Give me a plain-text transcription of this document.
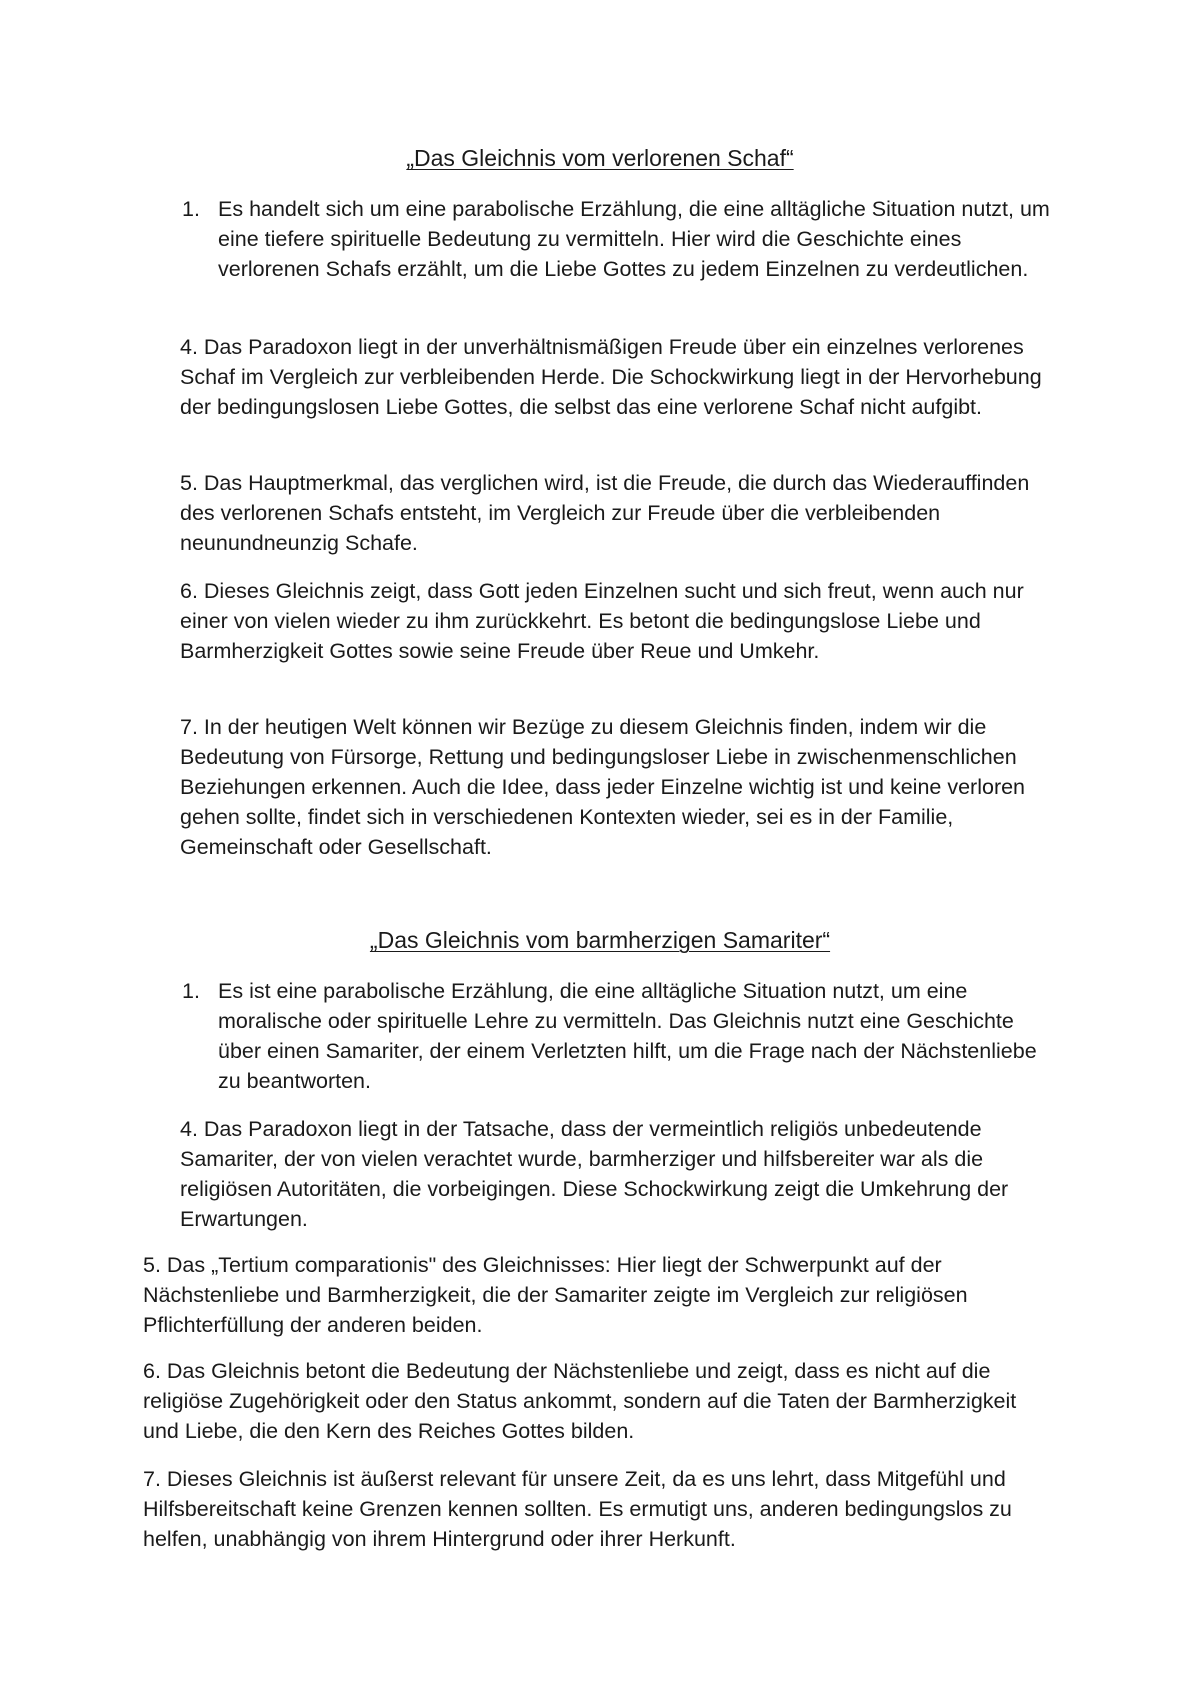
„Das Gleichnis vom verlorenen Schaf“
1. Es handelt sich um eine parabolische Erzählung, die eine alltägliche Situation nutzt, um eine tiefere spirituelle Bedeutung zu vermitteln. Hier wird die Geschichte eines verlorenen Schafs erzählt, um die Liebe Gottes zu jedem Einzelnen zu verdeutlichen.

4. Das Paradoxon liegt in der unverhältnismäßigen Freude über ein einzelnes verlorenes Schaf im Vergleich zur verbleibenden Herde. Die Schockwirkung liegt in der Hervorhebung der bedingungslosen Liebe Gottes, die selbst das eine verlorene Schaf nicht aufgibt.

5. Das Hauptmerkmal, das verglichen wird, ist die Freude, die durch das Wiederauffinden des verlorenen Schafs entsteht, im Vergleich zur Freude über die verbleibenden neunundneunzig Schafe.

6. Dieses Gleichnis zeigt, dass Gott jeden Einzelnen sucht und sich freut, wenn auch nur einer von vielen wieder zu ihm zurückkehrt. Es betont die bedingungslose Liebe und Barmherzigkeit Gottes sowie seine Freude über Reue und Umkehr.

7. In der heutigen Welt können wir Bezüge zu diesem Gleichnis finden, indem wir die Bedeutung von Fürsorge, Rettung und bedingungsloser Liebe in zwischenmenschlichen Beziehungen erkennen. Auch die Idee, dass jeder Einzelne wichtig ist und keine verloren gehen sollte, findet sich in verschiedenen Kontexten wieder, sei es in der Familie, Gemeinschaft oder Gesellschaft.

„Das Gleichnis vom barmherzigen Samariter“
1. Es ist eine parabolische Erzählung, die eine alltägliche Situation nutzt, um eine moralische oder spirituelle Lehre zu vermitteln. Das Gleichnis nutzt eine Geschichte über einen Samariter, der einem Verletzten hilft, um die Frage nach der Nächstenliebe zu beantworten.

4. Das Paradoxon liegt in der Tatsache, dass der vermeintlich religiös unbedeutende Samariter, der von vielen verachtet wurde, barmherziger und hilfsbereiter war als die religiösen Autoritäten, die vorbeigingen. Diese Schockwirkung zeigt die Umkehrung der Erwartungen.

5. Das „Tertium comparationis" des Gleichnisses: Hier liegt der Schwerpunkt auf der Nächstenliebe und Barmherzigkeit, die der Samariter zeigte im Vergleich zur religiösen Pflichterfüllung der anderen beiden.

6. Das Gleichnis betont die Bedeutung der Nächstenliebe und zeigt, dass es nicht auf die religiöse Zugehörigkeit oder den Status ankommt, sondern auf die Taten der Barmherzigkeit und Liebe, die den Kern des Reiches Gottes bilden.

7. Dieses Gleichnis ist äußerst relevant für unsere Zeit, da es uns lehrt, dass Mitgefühl und Hilfsbereitschaft keine Grenzen kennen sollten. Es ermutigt uns, anderen bedingungslos zu helfen, unabhängig von ihrem Hintergrund oder ihrer Herkunft.
